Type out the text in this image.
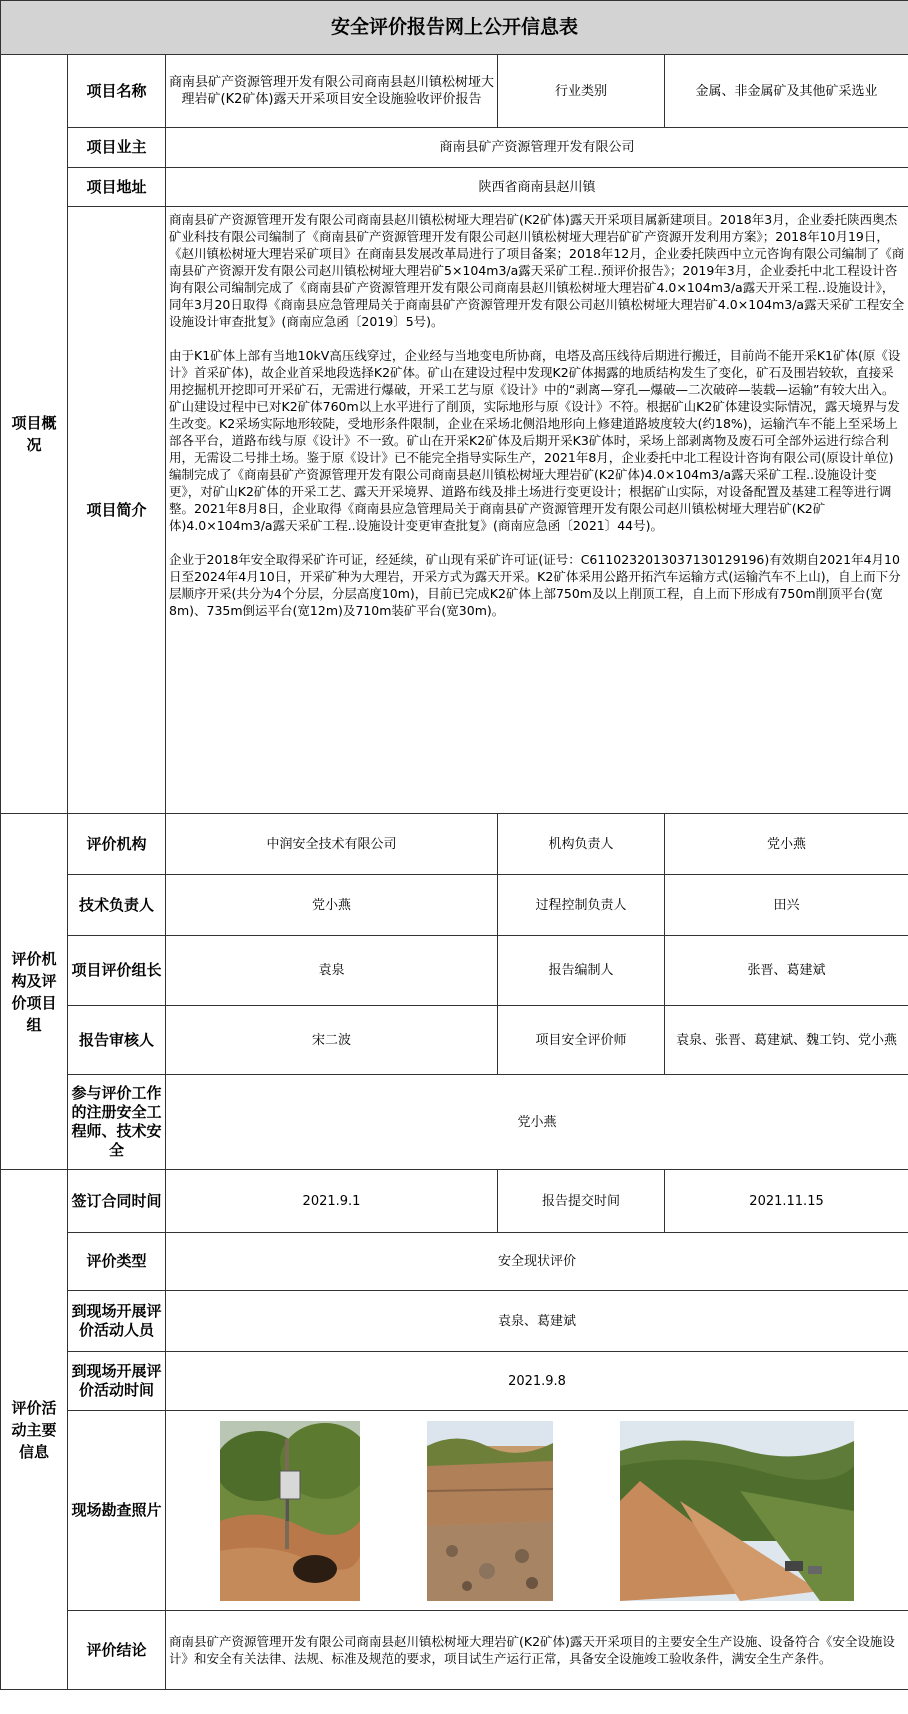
安全评价报告网上公开信息表				
项目概况	项目名称	商南县矿产资源管理开发有限公司商南县赵川镇松树垭大理岩矿(K2矿体)露天开采项目安全设施验收评价报告	行业类别	金属、非金属矿及其他矿采选业
	项目业主	商南县矿产资源管理开发有限公司		
	项目地址	陕西省商南县赵川镇		
	项目简介	商南县矿产资源管理开发有限公司商南县赵川镇松树垭大理岩矿(K2矿体)露天开采项目属新建项目。2018年3月，企业委托陕西奥杰矿业科技有限公司编制了《商南县矿产资源管理开发有限公司赵川镇松树垭大理岩矿矿产资源开发利用方案》；2018年10月19日，《赵川镇松树垭大理岩采矿项目》在商南县发展改革局进行了项目备案；2018年12月，企业委托陕西中立元咨询有限公司编制了《商南县矿产资源开发有限公司赵川镇松树垭大理岩矿5×104m3/a露天采矿工程..预评价报告》；2019年3月，企业委托中北工程设计咨询有限公司编制完成了《商南县矿产资源管理开发有限公司商南县赵川镇松树垭大理岩矿4.0×104m3/a露天开采工程..设施设计》，同年3月20日取得《商南县应急管理局关于商南县矿产资源管理开发有限公司赵川镇松树垭大理岩矿4.0×104m3/a露天采矿工程安全设施设计审查批复》(商南应急函〔2019〕5号)。

由于K1矿体上部有当地10kV高压线穿过，企业经与当地变电所协商，电塔及高压线待后期进行搬迁，目前尚不能开采K1矿体(原《设计》首采矿体)，故企业首采地段选择K2矿体。矿山在建设过程中发现K2矿体揭露的地质结构发生了变化，矿石及围岩较软，直接采用挖掘机开挖即可开采矿石，无需进行爆破，开采工艺与原《设计》中的“剥离—穿孔—爆破—二次破碎—装载—运输”有较大出入。矿山建设过程中已对K2矿体760m以上水平进行了削顶，实际地形与原《设计》不符。根据矿山K2矿体建设实际情况，露天境界与发生改变。K2采场实际地形较陡，受地形条件限制，企业在采场北侧沿地形向上修建道路坡度较大(约18%)，运输汽车不能上至采场上部各平台，道路布线与原《设计》不一致。矿山在开采K2矿体及后期开采K3矿体时，采场上部剥离物及废石可全部外运进行综合利用，无需设二号排土场。鉴于原《设计》已不能完全指导实际生产，2021年8月，企业委托中北工程设计咨询有限公司(原设计单位)编制完成了《商南县矿产资源管理开发有限公司商南县赵川镇松树垭大理岩矿(K2矿体)4.0×104m3/a露天采矿工程..设施设计变更》，对矿山K2矿体的开采工艺、露天开采境界、道路布线及排土场进行变更设计；根据矿山实际，对设备配置及基建工程等进行调整。2021年8月8日，企业取得《商南县应急管理局关于商南县矿产资源管理开发有限公司赵川镇松树垭大理岩矿(K2矿体)4.0×104m3/a露天采矿工程..设施设计变更审查批复》(商南应急函〔2021〕44号)。

企业于2018年安全取得采矿许可证，经延续，矿山现有采矿许可证(证号：C6110232013037130129196)有效期自2021年4月10日至2024年4月10日，开采矿种为大理岩，开采方式为露天开采。K2矿体采用公路开拓汽车运输方式(运输汽车不上山)，自上而下分层顺序开采(共分为4个分层，分层高度10m)，目前已完成K2矿体上部750m及以上削顶工程，自上而下形成有750m削顶平台(宽8m)、735m倒运平台(宽12m)及710m装矿平台(宽30m)。		

评价机构及评价项目组	评价机构	中润安全技术有限公司	机构负责人	党小燕
	技术负责人	党小燕	过程控制负责人	田兴
	项目评价组长	袁泉	报告编制人	张晋、葛建斌
	报告审核人	宋二波	项目安全评价师	袁泉、张晋、葛建斌、魏工钧、党小燕
	参与评价工作的注册安全工程师、技术安全	党小燕		
评价活动主要信息	签订合同时间	2021.9.1	报告提交时间	2021.11.15
	评价类型	安全现状评价		
	到现场开展评价活动人员	袁泉、葛建斌		
	到现场开展评价活动时间	2021.9.8		
	现场勘查照片	

	评价结论	商南县矿产资源管理开发有限公司商南县赵川镇松树垭大理岩矿(K2矿体)露天开采项目的主要安全生产设施、设备符合《安全设施设计》和安全有关法律、法规、标准及规范的要求，项目试生产运行正常，具备安全设施竣工验收条件，满安全生产条件。		
